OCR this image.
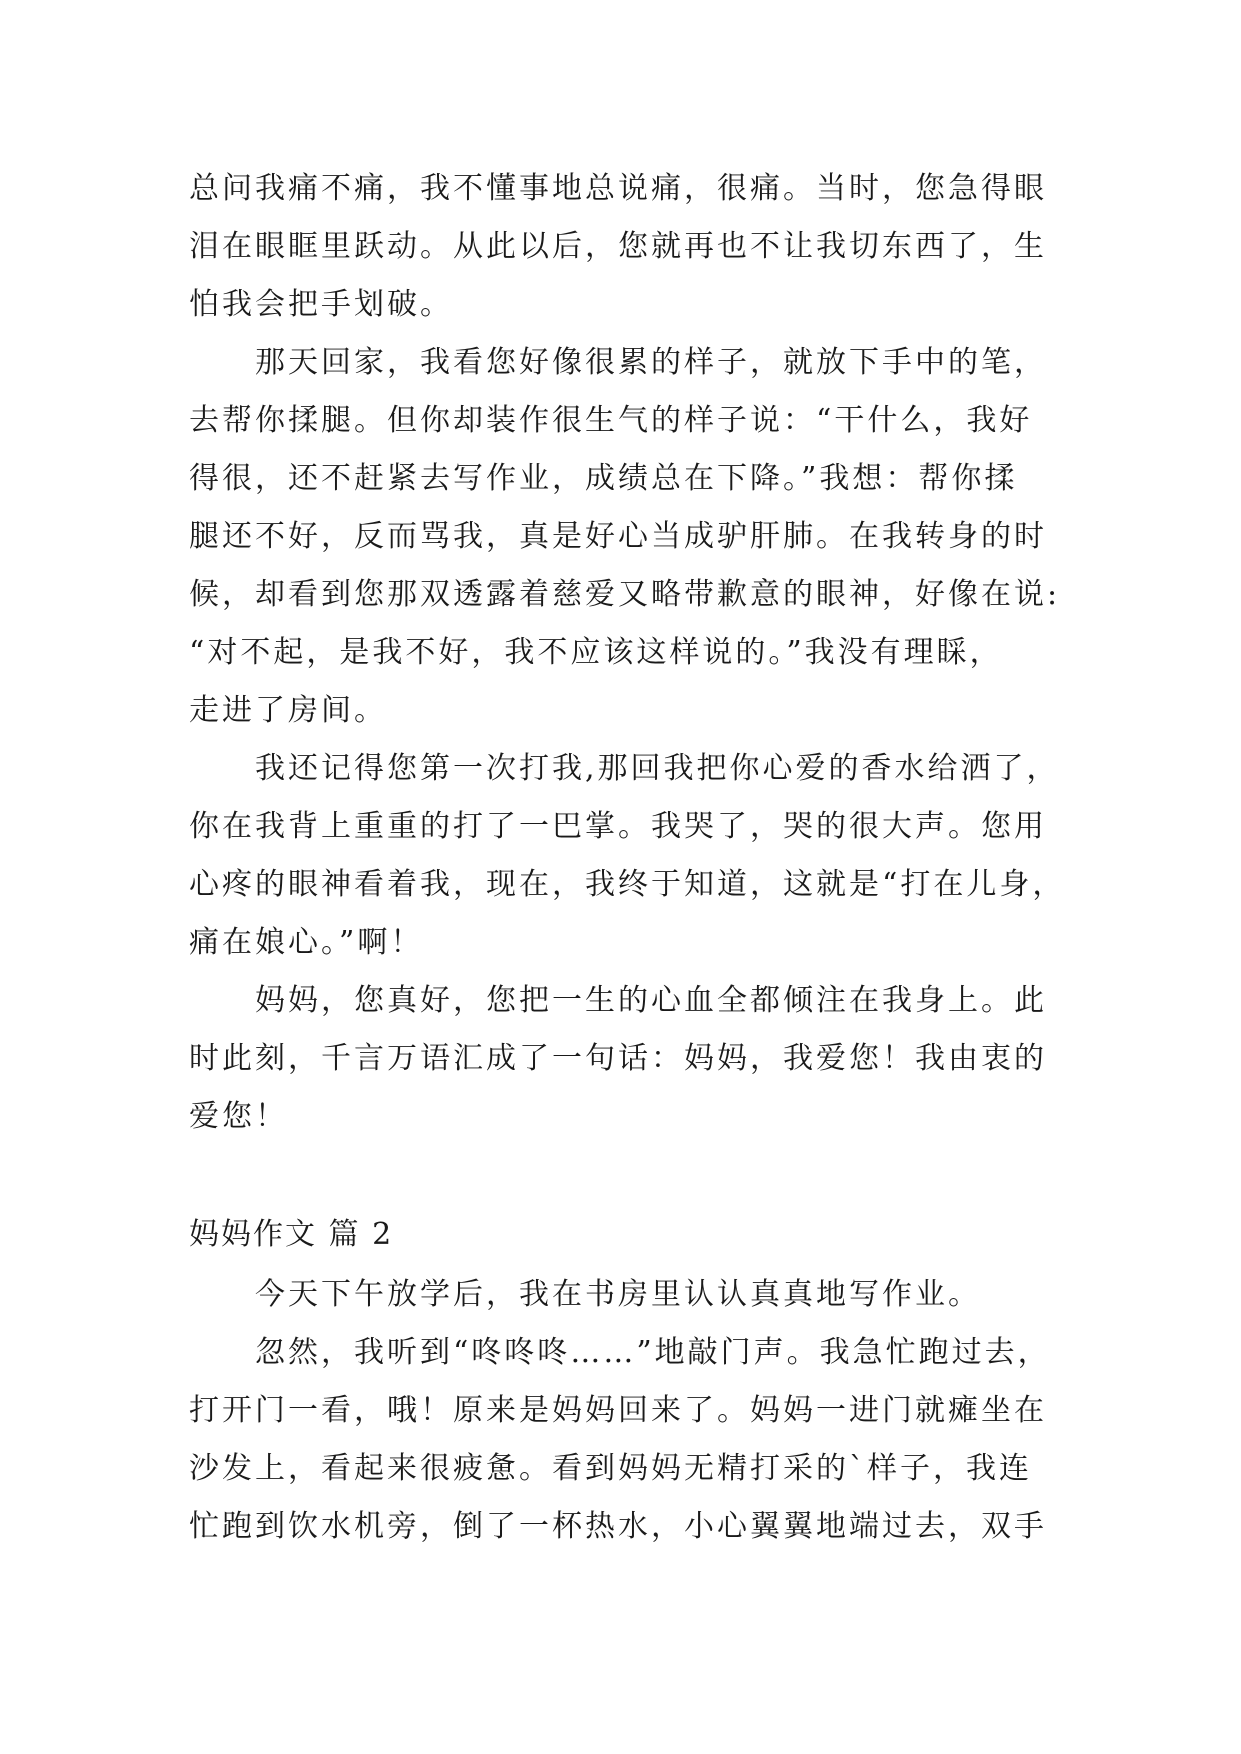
总问我痛不痛，我不懂事地总说痛，很痛。当时，您急得眼
泪在眼眶里跃动。从此以后，您就再也不让我切东西了，生
怕我会把手划破。
那天回家，我看您好像很累的样子，就放下手中的笔，
去帮你揉腿。但你却装作很生气的样子说：“干什么，我好
得很，还不赶紧去写作业，成绩总在下降。”我想：帮你揉
腿还不好，反而骂我，真是好心当成驴肝肺。在我转身的时
候，却看到您那双透露着慈爱又略带歉意的眼神，好像在说:
“对不起，是我不好，我不应该这样说的。”我没有理睬，
走进了房间。
我还记得您第一次打我,那回我把你心爱的香水给洒了，
你在我背上重重的打了一巴掌。我哭了，哭的很大声。您用
心疼的眼神看着我，现在，我终于知道，这就是“打在儿身，
痛在娘心。”啊！
妈妈，您真好，您把一生的心血全都倾注在我身上。此
时此刻，千言万语汇成了一句话：妈妈，我爱您！我由衷的
爱您！
妈妈作文 篇 2
今天下午放学后，我在书房里认认真真地写作业。
忽然，我听到“咚咚咚……”地敲门声。我急忙跑过去，
打开门一看，哦！原来是妈妈回来了。妈妈一进门就瘫坐在
沙发上，看起来很疲惫。看到妈妈无精打采的`样子，我连
忙跑到饮水机旁，倒了一杯热水，小心翼翼地端过去，双手
